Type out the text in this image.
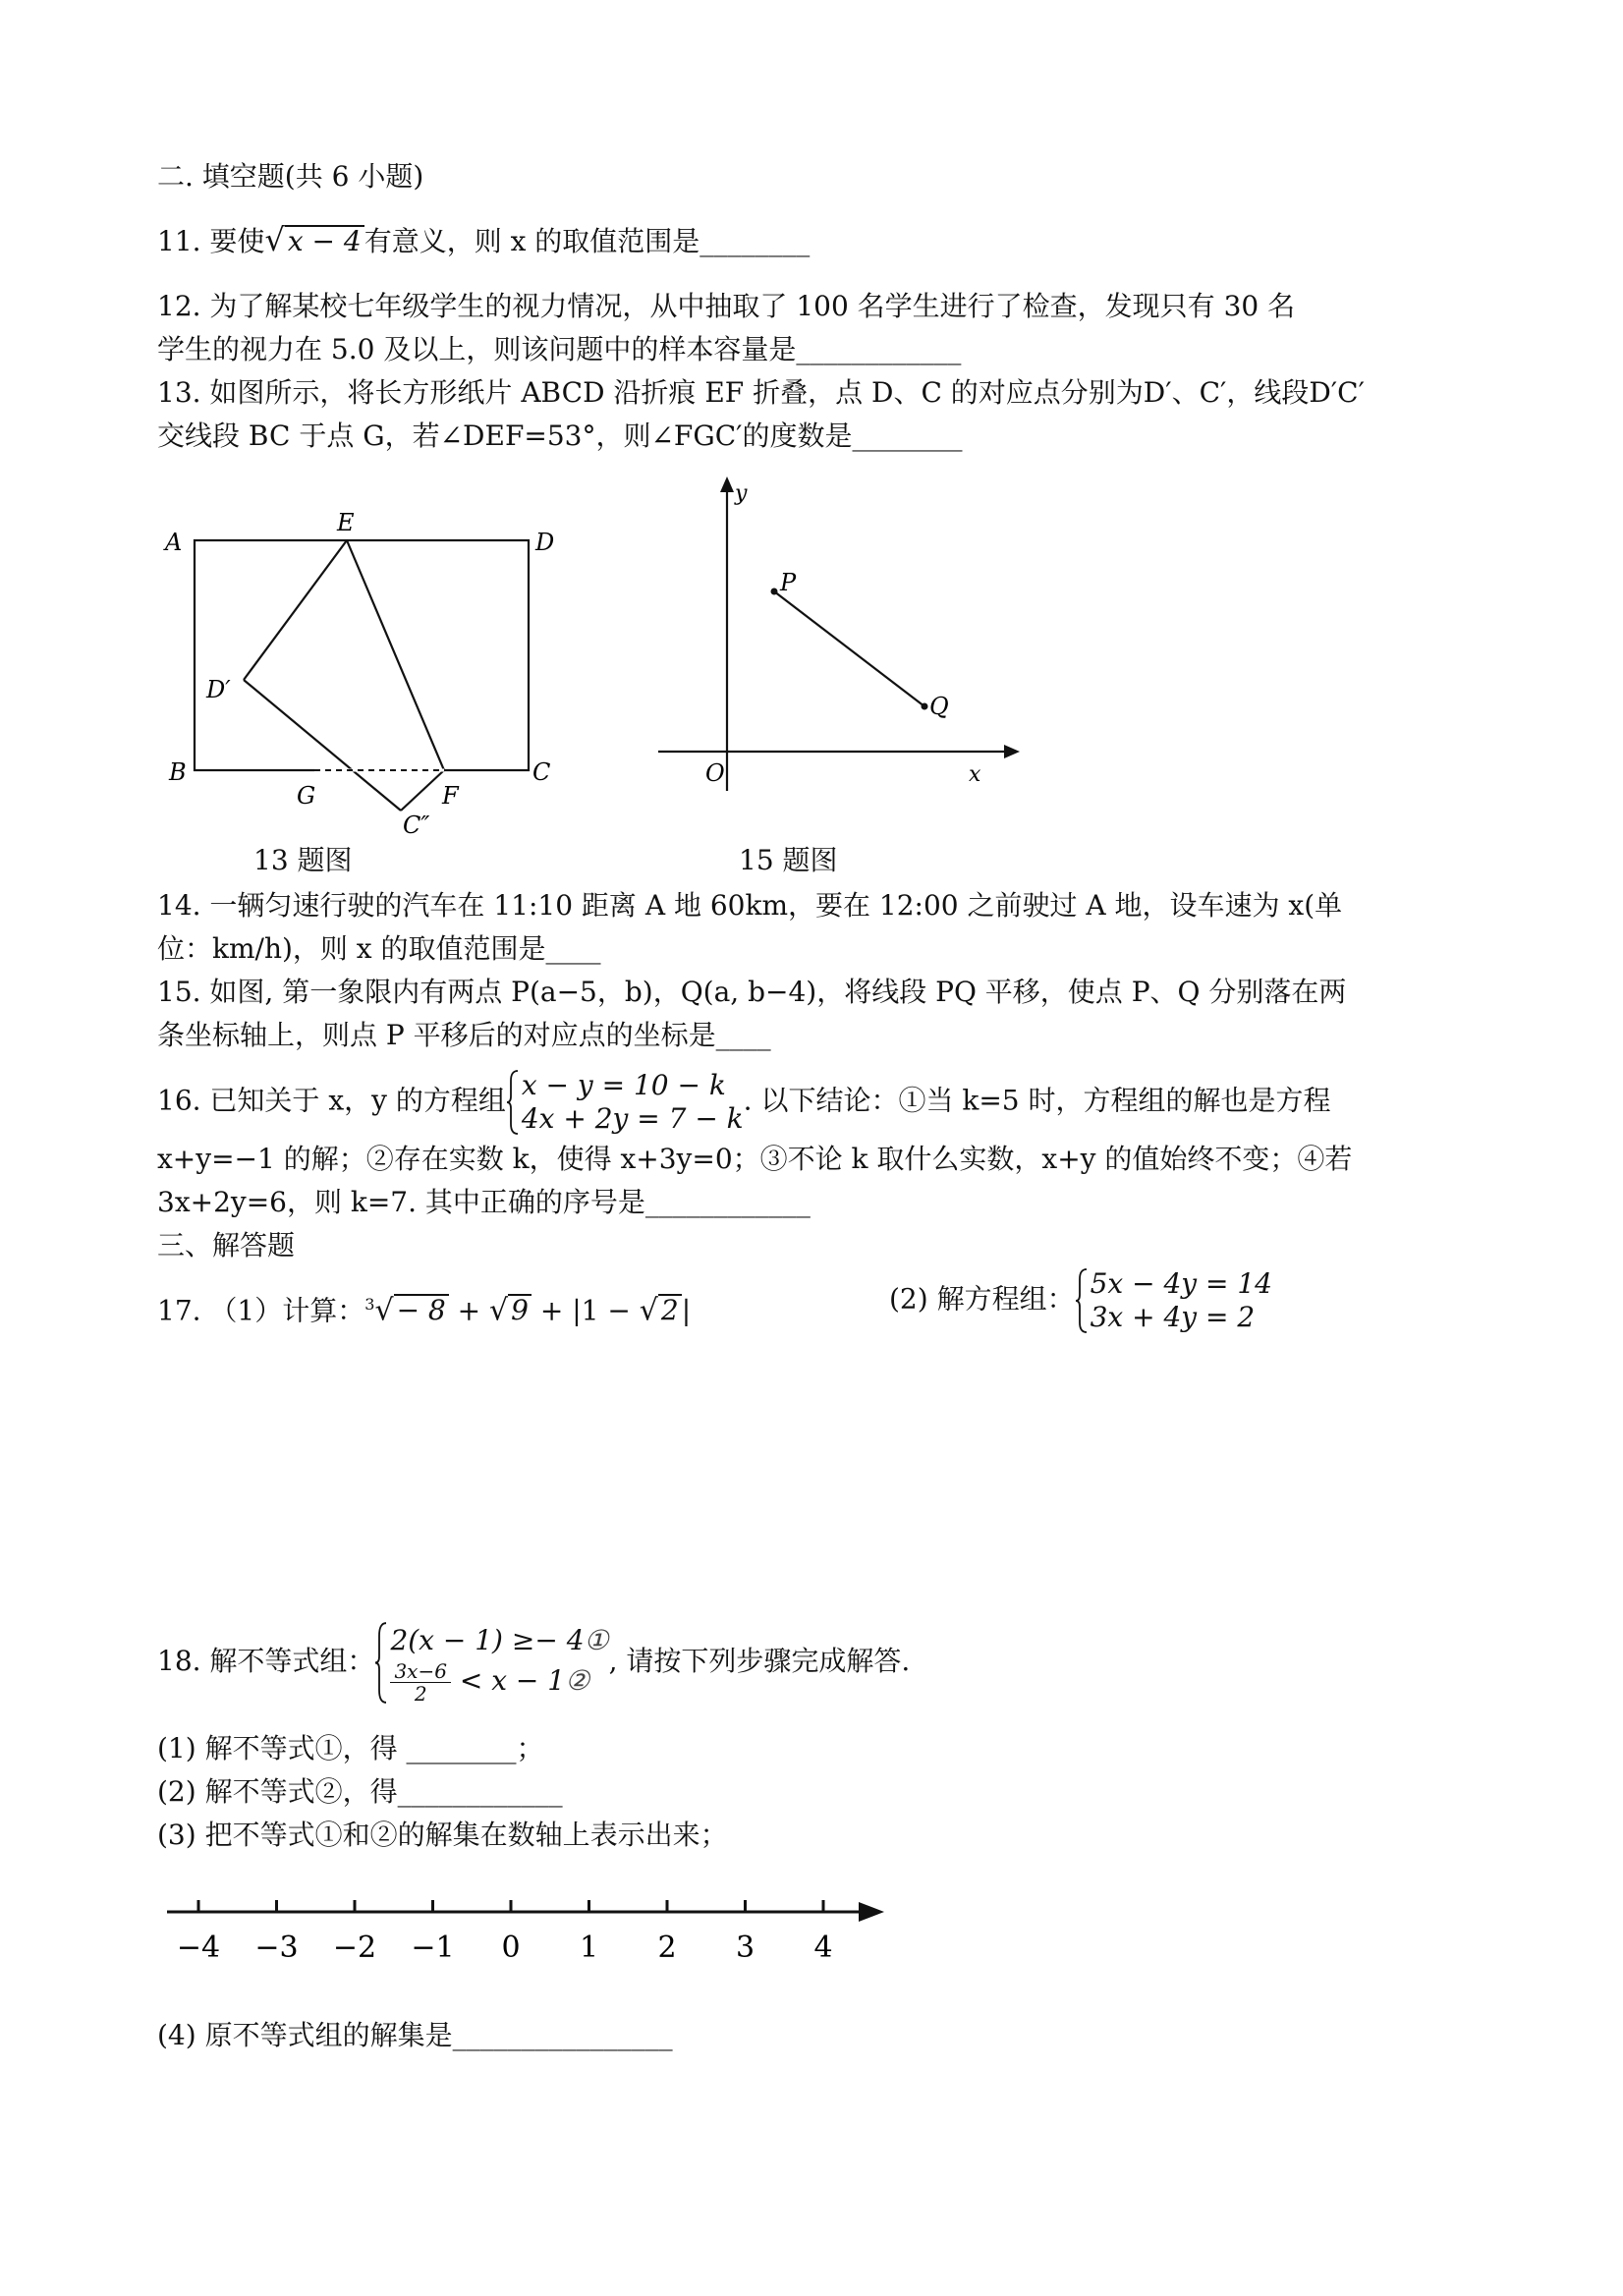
二. 填空题(共 6 小题)
11. 要使√ x − 4 有意义，则 x 的取值范围是________
12. 为了解某校七年级学生的视力情况，从中抽取了 100 名学生进行了检查，发现只有 30 名
学生的视力在 5.0 及以上，则该问题中的样本容量是____________
13. 如图所示，将长方形纸片 ABCD 沿折痕 EF 折叠，点 D、C 的对应点分别为D′、C′，线段D′C′
交线段 BC 于点 G，若∠DEF=53°，则∠FGC′的度数是________
A
E
D
D′
B
G	F
C
C″
y
P
Q
O	x
13 题图	15 题图
14. 一辆匀速行驶的汽车在 11:10 距离 A 地 60km，要在 12:00 之前驶过 A 地，设车速为 x(单
位：km/h)，则 x 的取值范围是____
15. 如图, 第一象限内有两点 P(a−5，b)，Q(a, b−4)，将线段 PQ 平移，使点 P、Q 分别落在两
条坐标轴上，则点 P 平移后的对应点的坐标是____
16. 已知关于 x，y 的方程组 x − y = 10 − k
4x + 2y = 7 − k
. 以下结论：①当 k=5 时，方程组的解也是方程
x+y=−1 的解；②存在实数 k，使得 x+3y=0；③不论 k 取什么实数，x+y 的值始终不变；④若
3x+2y=6，则 k=7. 其中正确的序号是____________
三、解答题
17. （1）计算：$^3$√ − 8 + √ 9 + |1 − √ 2 |	(2) 解方程组： 5x − 4y = 14
3x + 4y = 2
18. 解不等式组：
2(x − 1) ≥− 4①
$\frac{3x-6}{2} < x$ − 1②
, 请按下列步骤完成解答.
(1) 解不等式①，得 ________；
(2) 解不等式②，得____________
(3) 把不等式①和②的解集在数轴上表示出来；
−4 −3 −2 −1 0 1 2 3 4
(4) 原不等式组的解集是________________
